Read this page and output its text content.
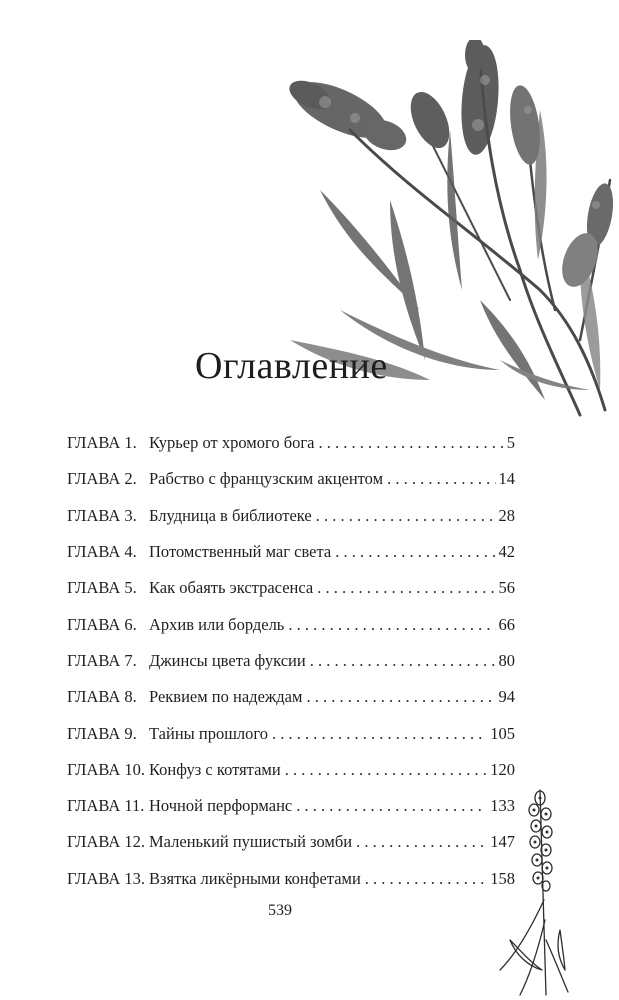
Оглавление
ГЛАВА 1. Курьер от хромого бога . . .	5
ГЛАВА 2. Рабство с французским акцентом . . .	14
ГЛАВА 3. Блудница в библиотеке . . .	28
ГЛАВА 4. Потомственный маг света . . .	42
ГЛАВА 5. Как обаять экстрасенса . . .	56
ГЛАВА 6. Архив или бордель . . .	66
ГЛАВА 7. Джинсы цвета фуксии . . .	80
ГЛАВА 8. Реквием по надеждам . . .	94
ГЛАВА 9. Тайны прошлого . . .	105
ГЛАВА 10. Конфуз с котятами . . .	120
ГЛАВА 11. Ночной перформанс . . .	133
ГЛАВА 12. Маленький пушистый зомби . . .	147
ГЛАВА 13. Взятка ликёрными конфетами . . .	158
539
